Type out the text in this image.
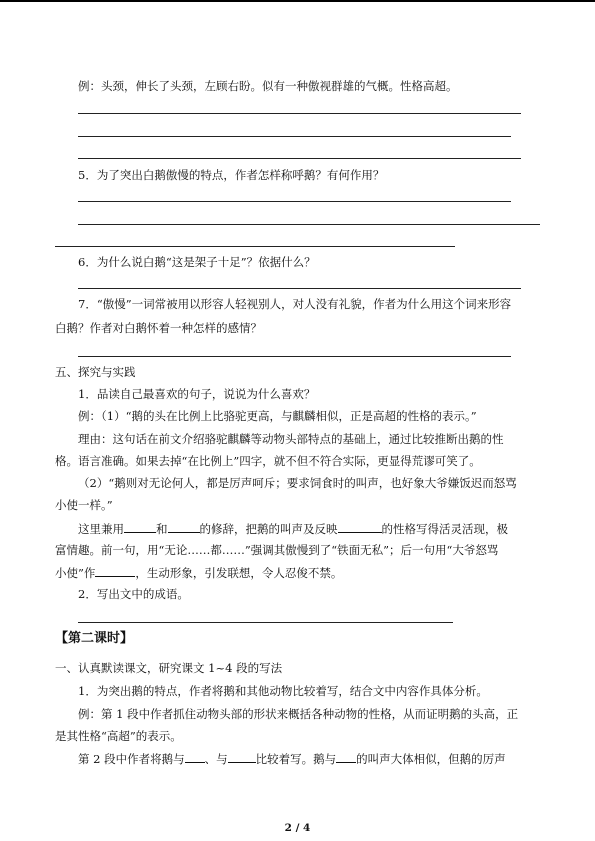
例：头颈，伸长了头颈，左顾右盼。似有一种傲视群雄的气概。性格高超。
5．为了突出白鹅傲慢的特点，作者怎样称呼鹅？有何作用？
6．为什么说白鹅“这是架子十足”？依据什么？
7．“傲慢”一词常被用以形容人轻视别人，对人没有礼貌，作者为什么用这个词来形容
白鹅？作者对白鹅怀着一种怎样的感情？
五、探究与实践
1．品读自己最喜欢的句子，说说为什么喜欢？
例：（1）“鹅的头在比例上比骆驼更高，与麒麟相似，正是高超的性格的表示。”
理由：这句话在前文介绍骆驼麒麟等动物头部特点的基础上，通过比较推断出鹅的性
格。语言准确。如果去掉“在比例上”四字，就不但不符合实际，更显得荒谬可笑了。
（2）“鹅则对无论何人，都是厉声呵斥；要求饲食时的叫声，也好象大爷嫌饭迟而怒骂
小使一样。”
这里兼用	和	的修辞，把鹅的叫声及反映	的性格写得活灵活现，极
富情趣。前一句，用“无论……都……”强调其傲慢到了“铁面无私”；后一句用“大爷怒骂
小使”作	，生动形象，引发联想，令人忍俊不禁。
2．写出文中的成语。
【第二课时】
一、认真默读课文，研究课文 1~4 段的写法
1．为突出鹅的特点，作者将鹅和其他动物比较着写，结合文中内容作具体分析。
例：第 1 段中作者抓住动物头部的形状来概括各种动物的性格，从而证明鹅的头高，正
是其性格“高超”的表示。
第 2 段中作者将鹅与 、与 比较着写。鹅与 的叫声大体相似，但鹅的厉声
2 / 4
